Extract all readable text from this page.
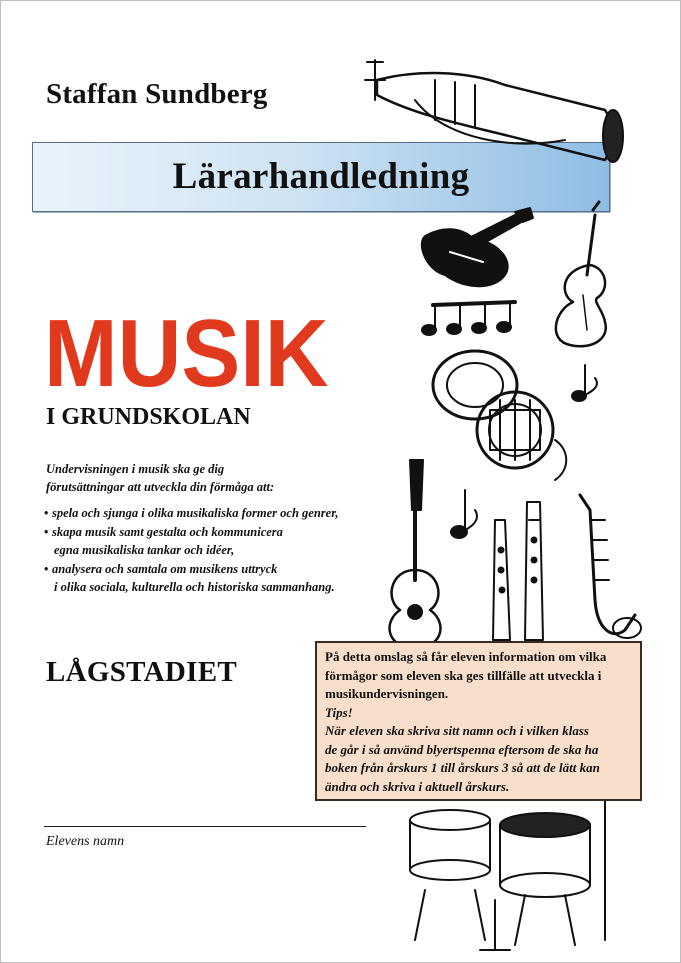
Staffan Sundberg
Lärarhandledning
MUSIK
I GRUNDSKOLAN
Undervisningen i musik ska ge dig
förutsättningar att utveckla din förmåga att:
• spela och sjunga i olika musikaliska former och genrer,
• skapa musik samt gestalta och kommunicera
egna musikaliska tankar och idéer,
• analysera och samtala om musikens uttryck
i olika sociala, kulturella och historiska sammanhang.
LÅGSTADIET
Elevens namn
På detta omslag så får eleven information om vilka
förmågor som eleven ska ges tillfälle att utveckla i
musikundervisningen.
Tips!
När eleven ska skriva sitt namn och i vilken klass
de går i så använd blyertspenna eftersom de ska ha
boken från årskurs 1 till årskurs 3 så att de lätt kan
ändra och skriva i aktuell årskurs.
